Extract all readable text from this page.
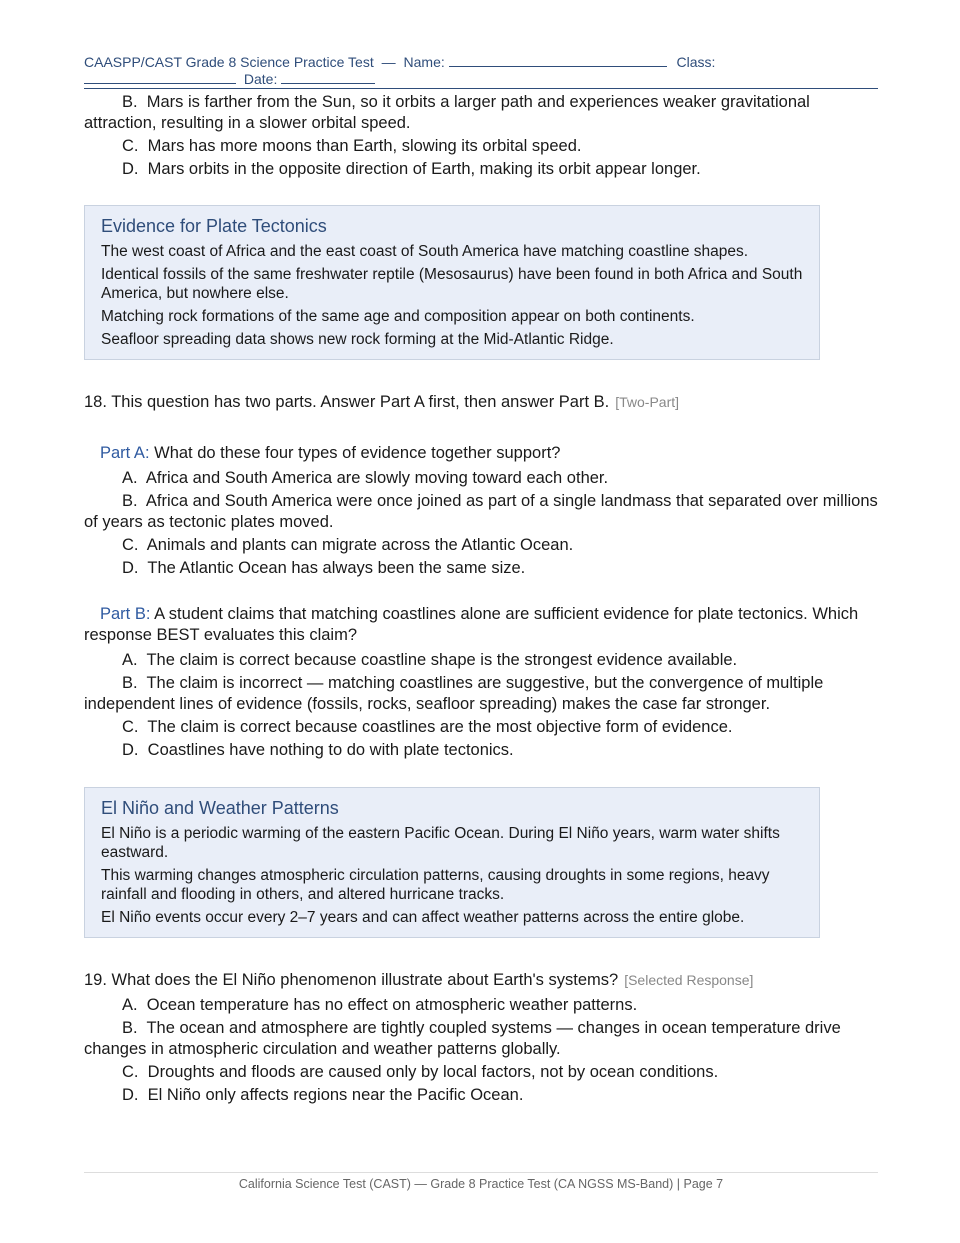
CAASPP/CAST Grade 8 Science Practice Test — Name:	Class:
Date:

B. Mars is farther from the Sun, so it orbits a larger path and experiences weaker gravitational attraction, resulting in a slower orbital speed.

C. Mars has more moons than Earth, slowing its orbital speed.

D. Mars orbits in the opposite direction of Earth, making its orbit appear longer.

Evidence for Plate Tectonics

The west coast of Africa and the east coast of South America have matching coastline shapes.

Identical fossils of the same freshwater reptile (Mesosaurus) have been found in both Africa and South America, but nowhere else.

Matching rock formations of the same age and composition appear on both continents.

Seafloor spreading data shows new rock forming at the Mid-Atlantic Ridge.

18. This question has two parts. Answer Part A first, then answer Part B. [Two-Part]

Part A: What do these four types of evidence together support?

A. Africa and South America are slowly moving toward each other.

B. Africa and South America were once joined as part of a single landmass that separated over millions of years as tectonic plates moved.

C. Animals and plants can migrate across the Atlantic Ocean.

D. The Atlantic Ocean has always been the same size.

Part B: A student claims that matching coastlines alone are sufficient evidence for plate tectonics. Which response BEST evaluates this claim?

A. The claim is correct because coastline shape is the strongest evidence available.

B. The claim is incorrect — matching coastlines are suggestive, but the convergence of multiple independent lines of evidence (fossils, rocks, seafloor spreading) makes the case far stronger.

C. The claim is correct because coastlines are the most objective form of evidence.

D. Coastlines have nothing to do with plate tectonics.

El Niño and Weather Patterns

El Niño is a periodic warming of the eastern Pacific Ocean. During El Niño years, warm water shifts eastward.

This warming changes atmospheric circulation patterns, causing droughts in some regions, heavy rainfall and flooding in others, and altered hurricane tracks.

El Niño events occur every 2–7 years and can affect weather patterns across the entire globe.

19. What does the El Niño phenomenon illustrate about Earth's systems? [Selected Response]

A. Ocean temperature has no effect on atmospheric weather patterns.

B. The ocean and atmosphere are tightly coupled systems — changes in ocean temperature drive changes in atmospheric circulation and weather patterns globally.

C. Droughts and floods are caused only by local factors, not by ocean conditions.

D. El Niño only affects regions near the Pacific Ocean.

California Science Test (CAST) — Grade 8 Practice Test (CA NGSS MS-Band) | Page 7
